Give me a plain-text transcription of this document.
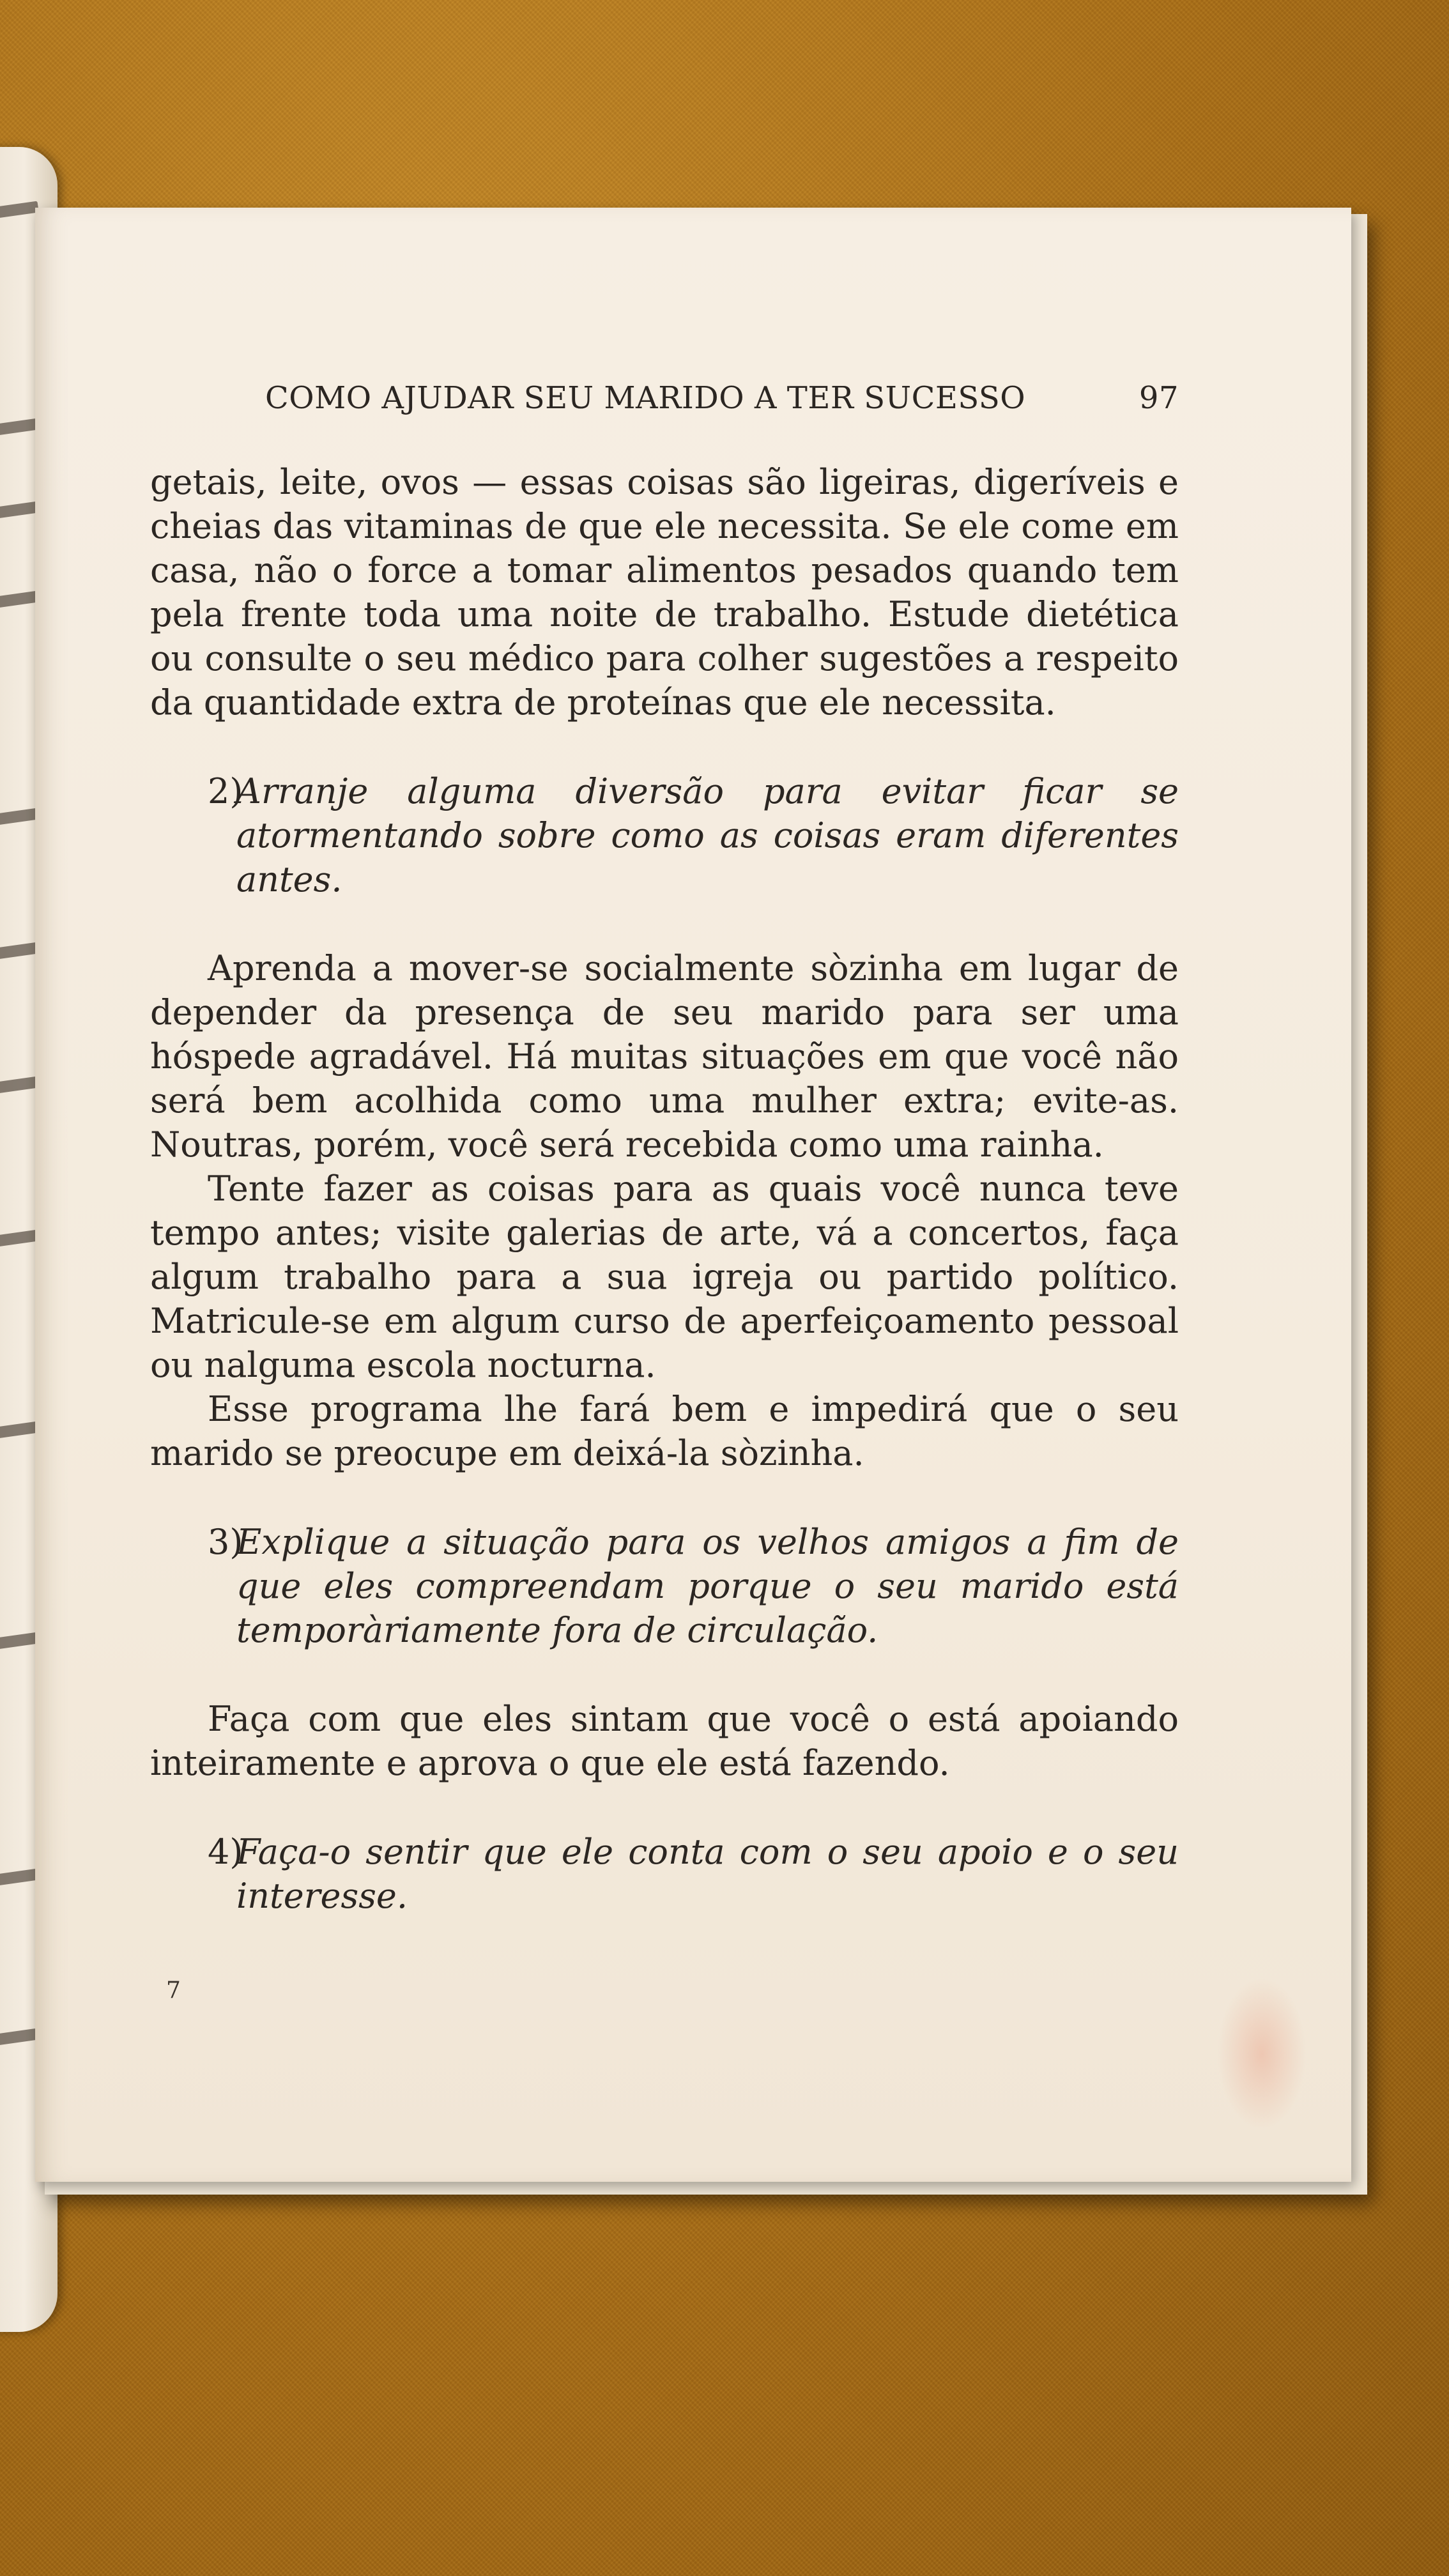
COMO AJUDAR SEU MARIDO A TER SUCESSO	97

getais, leite, ovos — essas coisas são ligeiras, digeríveis e cheias das vitaminas de que ele necessita. Se ele come em casa, não o force a tomar alimentos pesados quando tem pela frente toda uma noite de trabalho. Estude dietética ou consulte o seu médico para colher sugestões a respeito da quantidade extra de proteínas que ele necessita.

2)
Arranje alguma diversão para evitar ficar se atormentando sobre como as coisas eram diferentes antes.

Aprenda a mover-se socialmente sòzinha em lugar de depender da presença de seu marido para ser uma hóspede agradável. Há muitas situações em que você não será bem acolhida como uma mulher extra; evite-as. Noutras, porém, você será recebida como uma rainha.

Tente fazer as coisas para as quais você nunca teve tempo antes; visite galerias de arte, vá a concertos, faça algum trabalho para a sua igreja ou partido político. Matricule-se em algum curso de aperfeiçoamento pessoal ou nalguma escola nocturna.

Esse programa lhe fará bem e impedirá que o seu marido se preocupe em deixá-la sòzinha.

3)
Explique a situação para os velhos amigos a fim de que eles compreendam porque o seu marido está temporàriamente fora de circulação.

Faça com que eles sintam que você o está apoiando inteiramente e aprova o que ele está fazendo.

4)
Faça-o sentir que ele conta com o seu apoio e o seu interesse.
7
